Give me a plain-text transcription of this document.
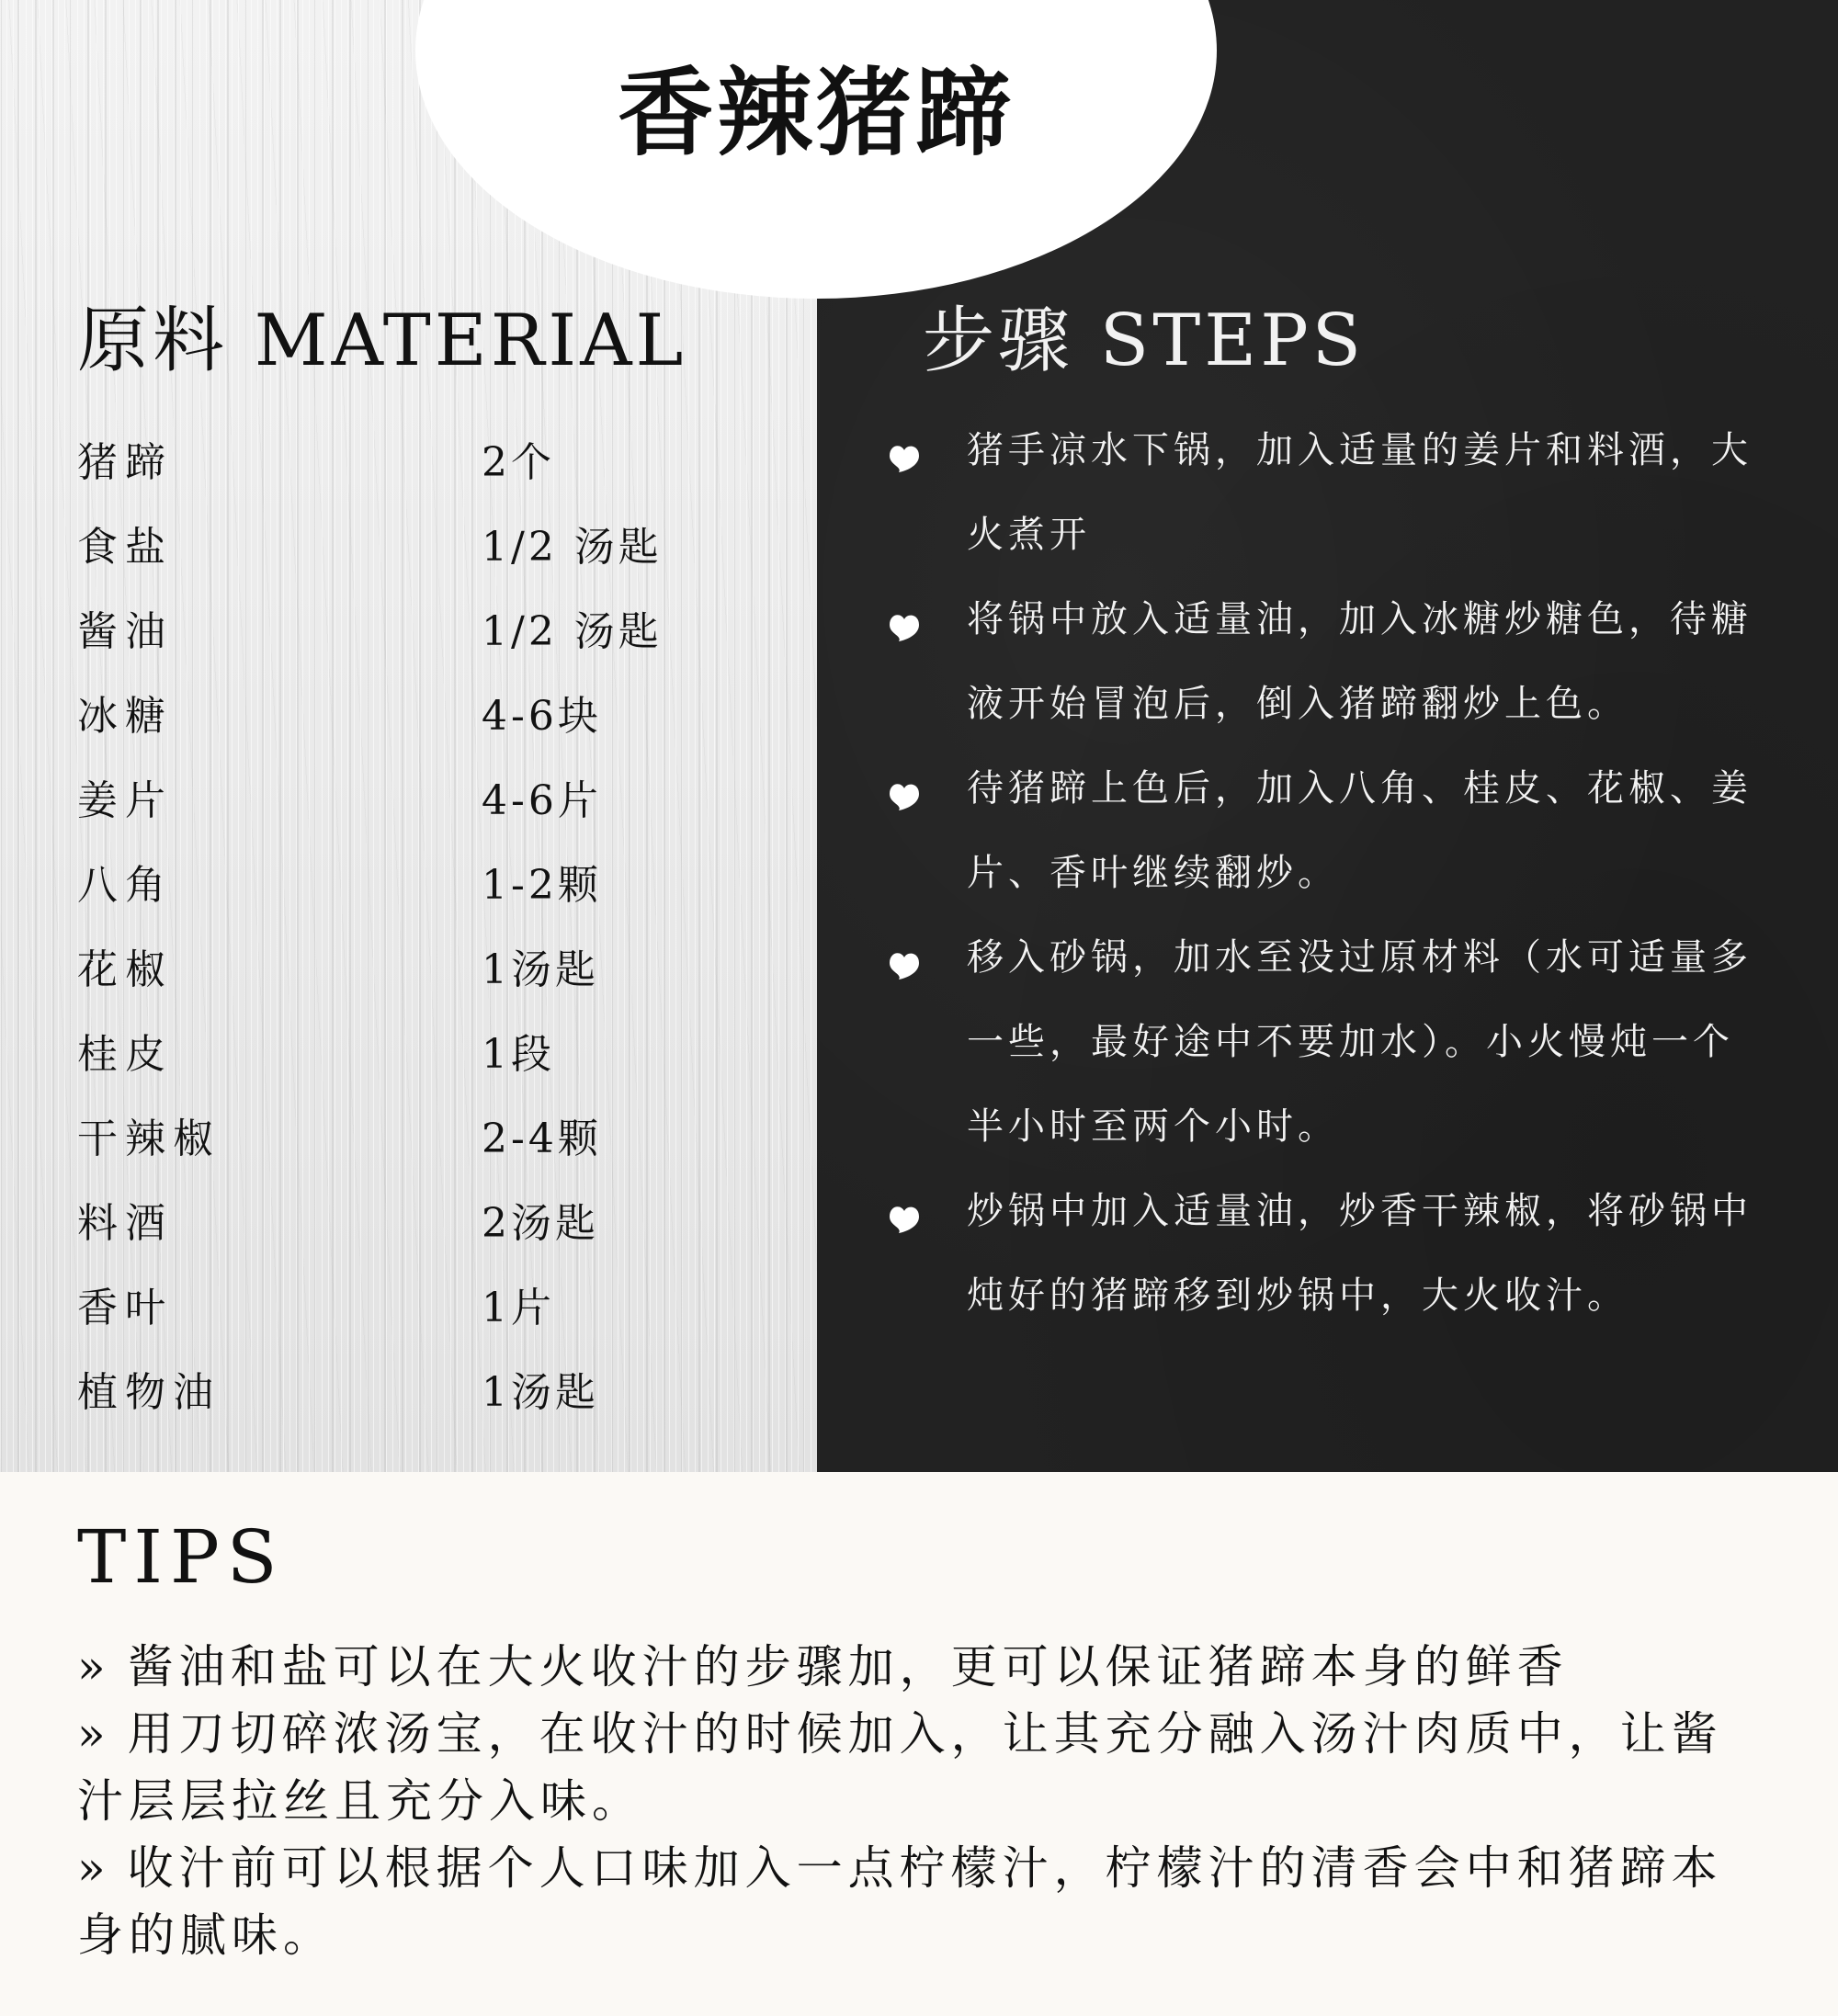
香辣猪蹄
原料 MATERIAL	步骤 STEPS
猪蹄	2个
食盐	1/2 汤匙
酱油	1/2 汤匙
冰糖	4-6块
姜片	4-6片
八角	1-2颗
花椒	1汤匙
桂皮	1段
干辣椒	2-4颗
料酒	2汤匙
香叶	1片
植物油	1汤匙

猪手凉水下锅，加入适量的姜片和料酒，大火煮开

将锅中放入适量油，加入冰糖炒糖色，待糖液开始冒泡后，倒入猪蹄翻炒上色。

待猪蹄上色后，加入八角、桂皮、花椒、姜片、香叶继续翻炒。

移入砂锅，加水至没过原材料（水可适量多一些，最好途中不要加水）。小火慢炖一个半小时至两个小时。

炒锅中加入适量油，炒香干辣椒，将砂锅中炖好的猪蹄移到炒锅中，大火收汁。

TIPS
» 酱油和盐可以在大火收汁的步骤加，更可以保证猪蹄本身的鲜香
» 用刀切碎浓汤宝，在收汁的时候加入，让其充分融入汤汁肉质中，让酱汁层层拉丝且充分入味。
» 收汁前可以根据个人口味加入一点柠檬汁，柠檬汁的清香会中和猪蹄本身的腻味。
